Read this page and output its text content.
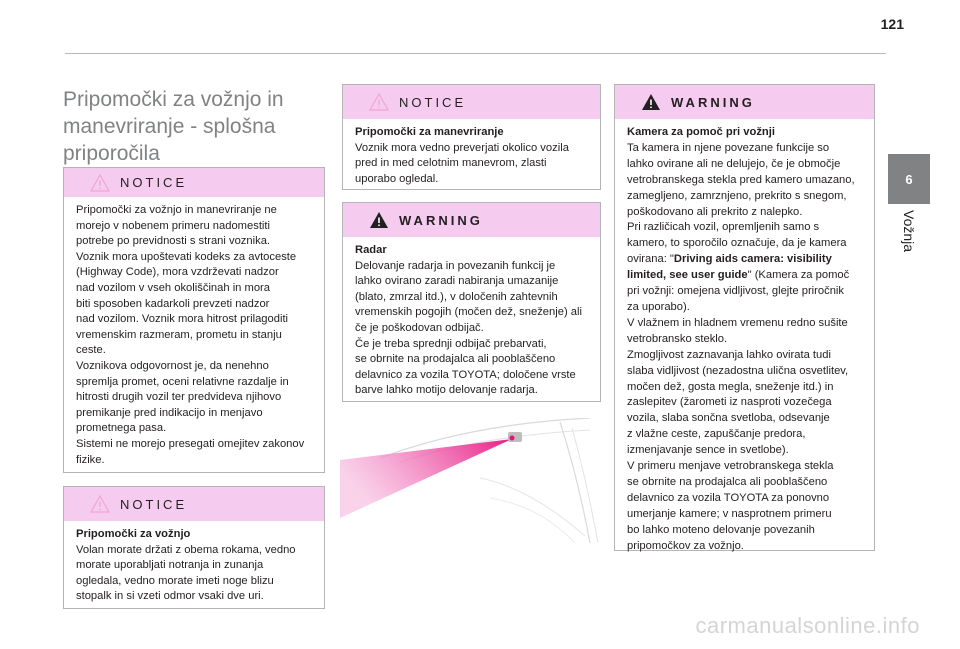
121
6
Vožnja
Pripomočki za vožnjo in manevriranje - splošna priporočila
NOTICE
Pripomočki za vožnjo in manevriranje ne
morejo v nobenem primeru nadomestiti
potrebe po previdnosti s strani voznika.
Voznik mora upoštevati kodeks za avtoceste
(Highway Code), mora vzdrževati nadzor
nad vozilom v vseh okoliščinah in mora
biti sposoben kadarkoli prevzeti nadzor
nad vozilom. Voznik mora hitrost prilagoditi
vremenskim razmeram, prometu in stanju
ceste.
Voznikova odgovornost je, da nenehno
spremlja promet, oceni relativne razdalje in
hitrosti drugih vozil ter predvideva njihovo
premikanje pred indikacijo in menjavo
prometnega pasa.
Sistemi ne morejo presegati omejitev zakonov
fizike.
NOTICE
Pripomočki za vožnjo
Volan morate držati z obema rokama, vedno
morate uporabljati notranja in zunanja
ogledala, vedno morate imeti noge blizu
stopalk in si vzeti odmor vsaki dve uri.
NOTICE
Pripomočki za manevriranje
Voznik mora vedno preverjati okolico vozila
pred in med celotnim manevrom, zlasti
uporabo ogledal.
WARNING
Radar
Delovanje radarja in povezanih funkcij je
lahko ovirano zaradi nabiranja umazanije
(blato, zmrzal itd.), v določenih zahtevnih
vremenskih pogojih (močen dež, sneženje) ali
če je poškodovan odbijač.
Če je treba sprednji odbijač prebarvati,
se obrnite na prodajalca ali pooblaščeno
delavnico za vozila TOYOTA; določene vrste
barve lahko motijo delovanje radarja.
WARNING
Kamera za pomoč pri vožnji
Ta kamera in njene povezane funkcije so
lahko ovirane ali ne delujejo, če je območje
vetrobranskega stekla pred kamero umazano,
zamegljeno, zamrznjeno, prekrito s snegom,
poškodovano ali prekrito z nalepko.
Pri različicah vozil, opremljenih samo s
kamero, to sporočilo označuje, da je kamera
ovirana: "Driving aids camera: visibility
limited, see user guide" (Kamera za pomoč
pri vožnji: omejena vidljivost, glejte priročnik
za uporabo).
V vlažnem in hladnem vremenu redno sušite
vetrobransko steklo.
Zmogljivost zaznavanja lahko ovirata tudi
slaba vidljivost (nezadostna ulična osvetlitev,
močen dež, gosta megla, sneženje itd.) in
zaslepitev (žarometi iz nasproti vozečega
vozila, slaba sončna svetloba, odsevanje
z vlažne ceste, zapuščanje predora,
izmenjavanje sence in svetlobe).
V primeru menjave vetrobranskega stekla
se obrnite na prodajalca ali pooblaščeno
delavnico za vozila TOYOTA za ponovno
umerjanje kamere; v nasprotnem primeru
bo lahko moteno delovanje povezanih
pripomočkov za vožnjo.
carmanualsonline.info
